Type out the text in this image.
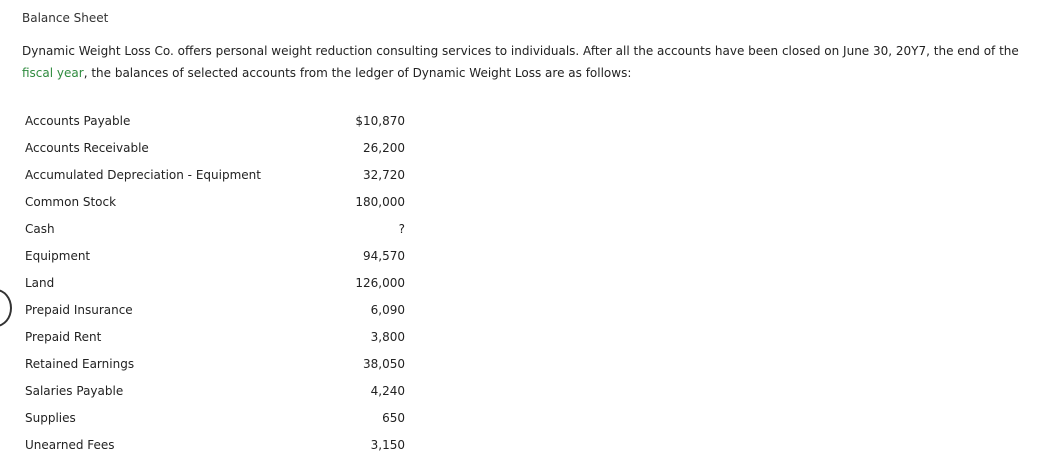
Balance Sheet
Dynamic Weight Loss Co. offers personal weight reduction consulting services to individuals. After all the accounts have been closed on June 30, 20Y7, the end of the fiscal year, the balances of selected accounts from the ledger of Dynamic Weight Loss are as follows:
Accounts Payable	$10,870
Accounts Receivable	26,200
Accumulated Depreciation - Equipment	32,720
Common Stock	180,000
Cash	?
Equipment	94,570
Land	126,000
Prepaid Insurance	6,090
Prepaid Rent	3,800
Retained Earnings	38,050
Salaries Payable	4,240
Supplies	650
Unearned Fees	3,150
